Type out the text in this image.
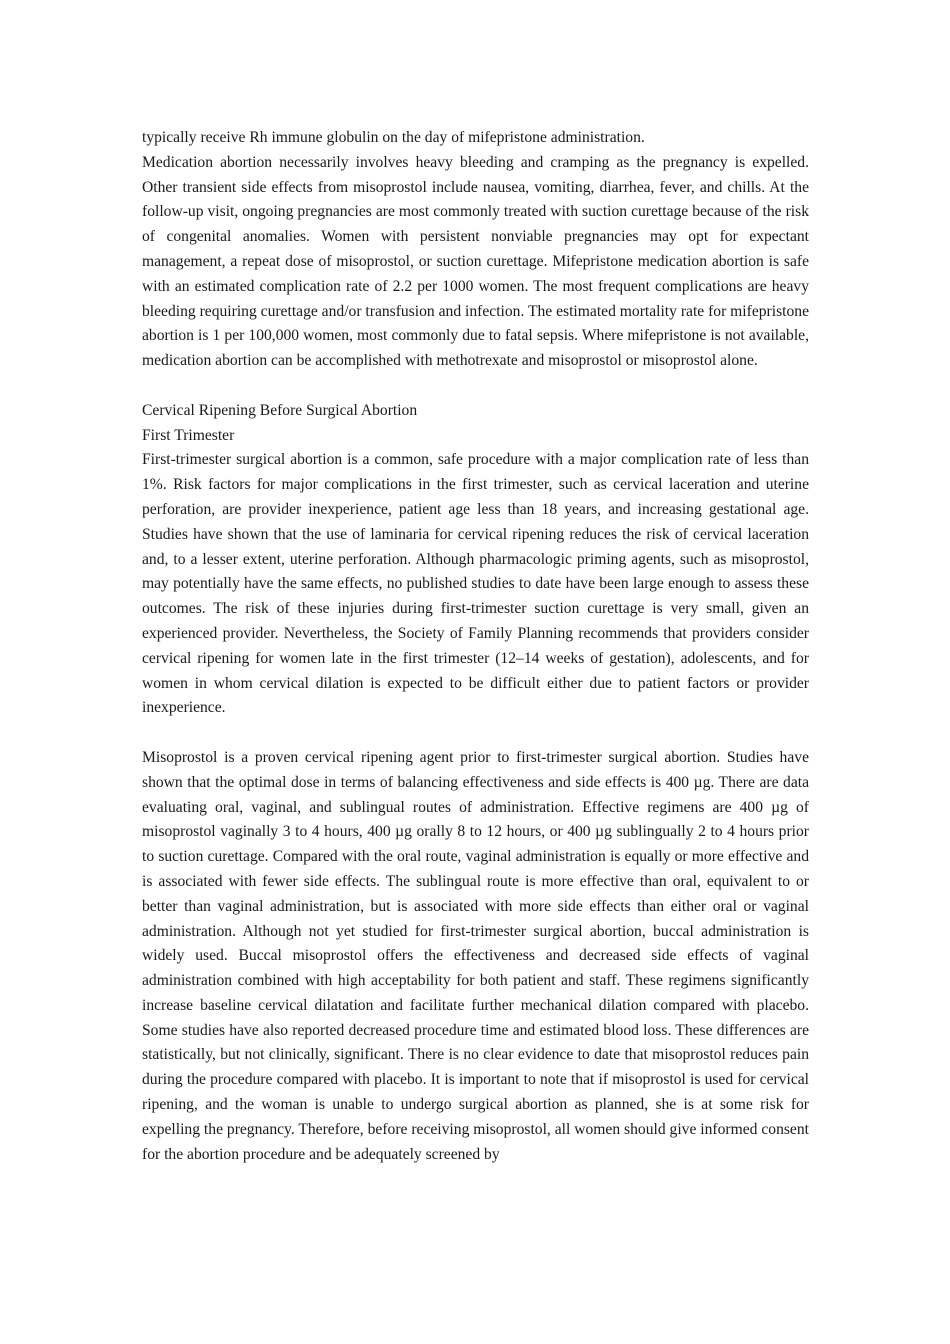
typically receive Rh immune globulin on the day of mifepristone administration.

Medication abortion necessarily involves heavy bleeding and cramping as the pregnancy is expelled. Other transient side effects from misoprostol include nausea, vomiting, diarrhea, fever, and chills. At the follow-up visit, ongoing pregnancies are most commonly treated with suction curettage because of the risk of congenital anomalies. Women with persistent nonviable pregnancies may opt for expectant management, a repeat dose of misoprostol, or suction curettage. Mifepristone medication abortion is safe with an estimated complication rate of 2.2 per 1000 women. The most frequent complications are heavy bleeding requiring curettage and/or transfusion and infection. The estimated mortality rate for mifepristone abortion is 1 per 100,000 women, most commonly due to fatal sepsis. Where mifepristone is not available, medication abortion can be accomplished with methotrexate and misoprostol or misoprostol alone.

Cervical Ripening Before Surgical Abortion

First Trimester

First-trimester surgical abortion is a common, safe procedure with a major complication rate of less than 1%. Risk factors for major complications in the first trimester, such as cervical laceration and uterine perforation, are provider inexperience, patient age less than 18 years, and increasing gestational age. Studies have shown that the use of laminaria for cervical ripening reduces the risk of cervical laceration and, to a lesser extent, uterine perforation. Although pharmacologic priming agents, such as misoprostol, may potentially have the same effects, no published studies to date have been large enough to assess these outcomes. The risk of these injuries during first-trimester suction curettage is very small, given an experienced provider. Nevertheless, the Society of Family Planning recommends that providers consider cervical ripening for women late in the first trimester (12–14 weeks of gestation), adolescents, and for women in whom cervical dilation is expected to be difficult either due to patient factors or provider inexperience.

Misoprostol is a proven cervical ripening agent prior to first-trimester surgical abortion. Studies have shown that the optimal dose in terms of balancing effectiveness and side effects is 400 µg. There are data evaluating oral, vaginal, and sublingual routes of administration. Effective regimens are 400 µg of misoprostol vaginally 3 to 4 hours, 400 µg orally 8 to 12 hours, or 400 µg sublingually 2 to 4 hours prior to suction curettage. Compared with the oral route, vaginal administration is equally or more effective and is associated with fewer side effects. The sublingual route is more effective than oral, equivalent to or better than vaginal administration, but is associated with more side effects than either oral or vaginal administration. Although not yet studied for first-trimester surgical abortion, buccal administration is widely used. Buccal misoprostol offers the effectiveness and decreased side effects of vaginal administration combined with high acceptability for both patient and staff. These regimens significantly increase baseline cervical dilatation and facilitate further mechanical dilation compared with placebo. Some studies have also reported decreased procedure time and estimated blood loss. These differences are statistically, but not clinically, significant. There is no clear evidence to date that misoprostol reduces pain during the procedure compared with placebo. It is important to note that if misoprostol is used for cervical ripening, and the woman is unable to undergo surgical abortion as planned, she is at some risk for expelling the pregnancy. Therefore, before receiving misoprostol, all women should give informed consent for the abortion procedure and be adequately screened by
